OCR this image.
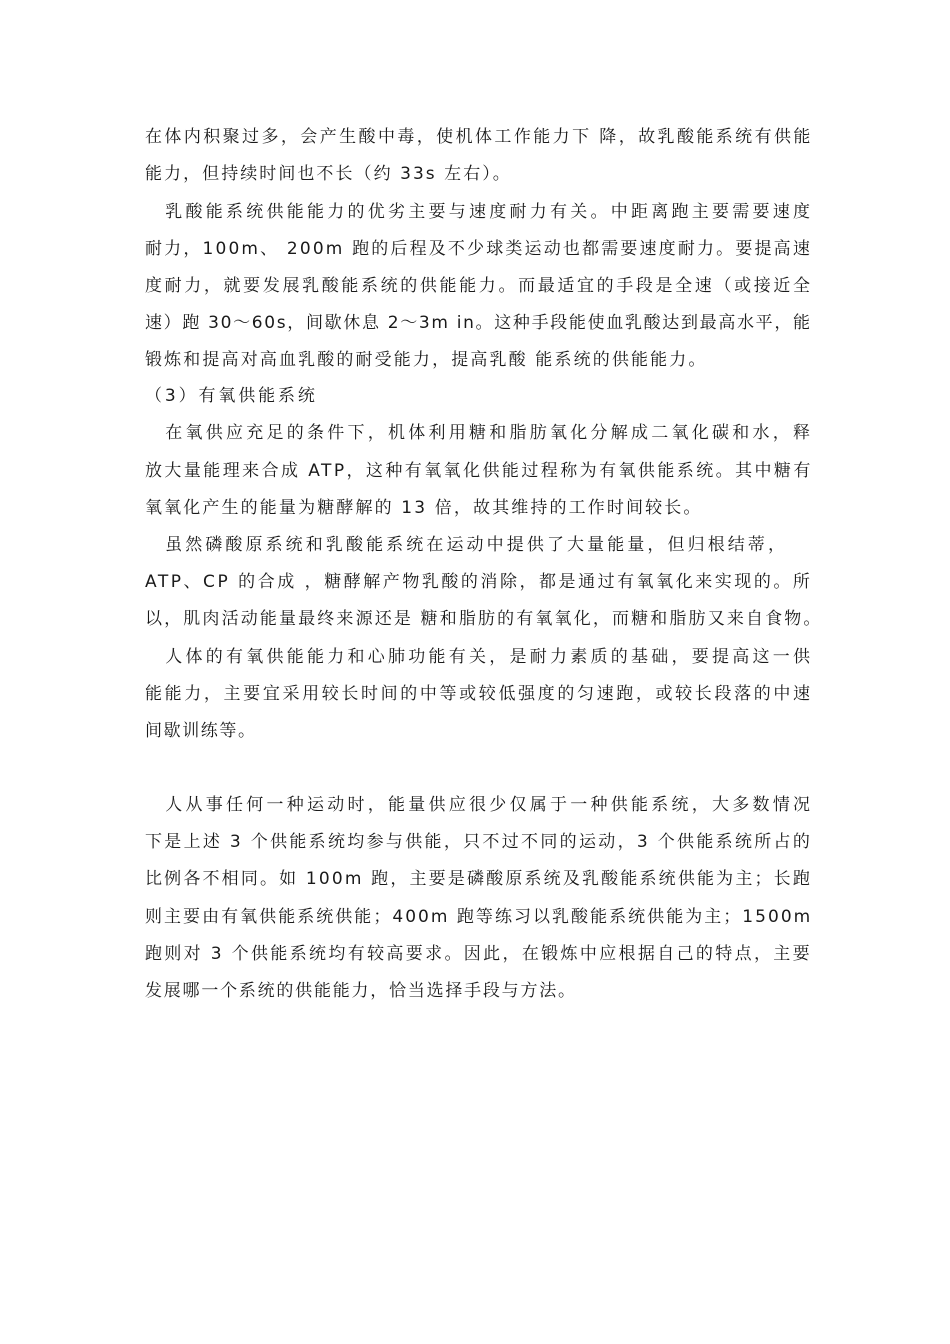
在体内积聚过多，会产生酸中毒，使机体工作能力下 降，故乳酸能系统有供能
能力，但持续时间也不长（约 33s 左右）。
　乳酸能系统供能能力的优劣主要与速度耐力有关。中距离跑主要需要速度
耐力，100m、 200m 跑的后程及不少球类运动也都需要速度耐力。要提高速
度耐力，就要发展乳酸能系统的供能能力。而最适宜的手段是全速（或接近全
速）跑 30～60s，间歇休息 2～3m in。这种手段能使血乳酸达到最高水平，能
锻炼和提高对高血乳酸的耐受能力，提高乳酸 能系统的供能能力。
（3）有氧供能系统
　在氧供应充足的条件下，机体利用糖和脂肪氧化分解成二氧化碳和水，释
放大量能理来合成 ATP，这种有氧氧化供能过程称为有氧供能系统。其中糖有
氧氧化产生的能量为糖酵解的 13 倍，故其维持的工作时间较长。
　虽然磷酸原系统和乳酸能系统在运动中提供了大量能量，但归根结蒂，
ATP、CP 的合成 ，糖酵解产物乳酸的消除，都是通过有氧氧化来实现的。所
以，肌肉活动能量最终来源还是 糖和脂肪的有氧氧化，而糖和脂肪又来自食物。
　人体的有氧供能能力和心肺功能有关，是耐力素质的基础，要提高这一供
能能力，主要宜采用较长时间的中等或较低强度的匀速跑，或较长段落的中速
间歇训练等。
　人从事任何一种运动时，能量供应很少仅属于一种供能系统，大多数情况
下是上述 3 个供能系统均参与供能，只不过不同的运动，3 个供能系统所占的
比例各不相同。如 100m 跑，主要是磷酸原系统及乳酸能系统供能为主；长跑
则主要由有氧供能系统供能；400m 跑等练习以乳酸能系统供能为主；1500m
跑则对 3 个供能系统均有较高要求。因此，在锻炼中应根据自己的特点，主要
发展哪一个系统的供能能力，恰当选择手段与方法。
